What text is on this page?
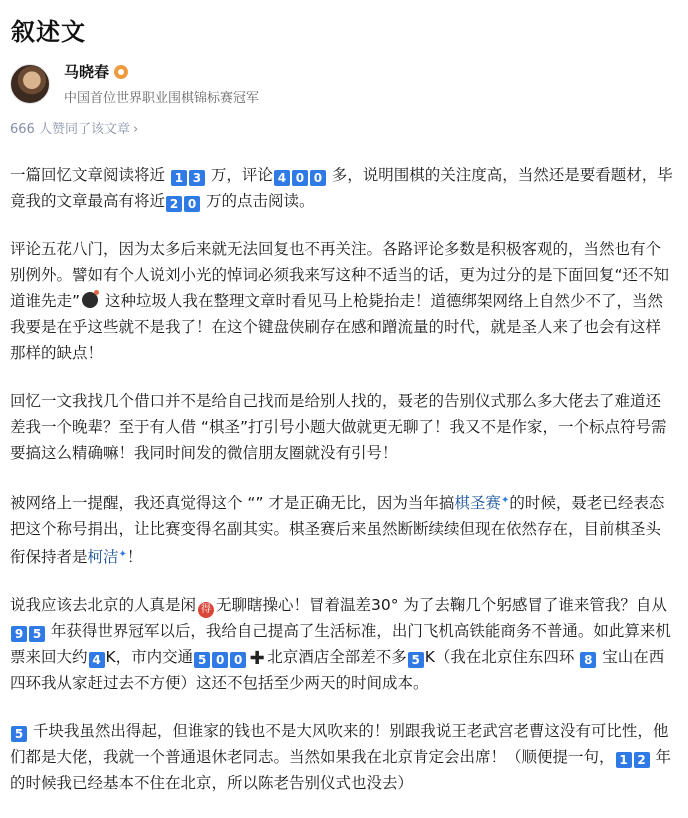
叙述文
马晓春
中国首位世界职业围棋锦标赛冠军
666 人赞同了该文章 ›

一篇回忆文章阅读将近 1 3 万，评论 4 0 0 多，说明围棋的关注度高，当然还是要看题材，毕竟我的文章最高有将近 2 0 万的点击阅读。

评论五花八门，因为太多后来就无法回复也不再关注。各路评论多数是积极客观的，当然也有个别例外。譬如有个人说刘小光的悼词必须我来写这种不适当的话，更为过分的是下面回复“还不知道谁先走” 这种垃圾人我在整理文章时看见马上枪毙抬走！道德绑架网络上自然少不了，当然我要是在乎这些就不是我了！在这个键盘侠刷存在感和蹭流量的时代，就是圣人来了也会有这样那样的缺点！

回忆一文我找几个借口并不是给自己找而是给别人找的，聂老的告别仪式那么多大佬去了难道还差我一个晚辈？至于有人借 “棋圣”打引号小题大做就更无聊了！我又不是作家，一个标点符号需要搞这么精确嘛！我同时间发的微信朋友圈就没有引号！

被网络上一提醒，我还真觉得这个 “” 才是正确无比，因为当年搞棋圣赛✦的时候，聂老已经表态把这个称号捐出，让比赛变得名副其实。棋圣赛后来虽然断断续续但现在依然存在，目前棋圣头衔保持者是柯洁✦！

说我应该去北京的人真是闲 得 无聊瞎操心！冒着温差30° 为了去鞠几个躬感冒了谁来管我？自从 9 5 年获得世界冠军以后，我给自己提高了生活标准，出门飞机高铁能商务不普通。如此算来机票来回大约 4 K，市内交通 5 0 0 ✚ 北京酒店全部差不多 5 K（我在北京住东四环 8 宝山在西四环我从家赶过去不方便）这还不包括至少两天的时间成本。

5 千块我虽然出得起，但谁家的钱也不是大风吹来的！别跟我说王老武宫老曹这没有可比性，他们都是大佬，我就一个普通退休老同志。当然如果我在北京肯定会出席！（顺便提一句， 1 2 年的时候我已经基本不住在北京，所以陈老告别仪式也没去）
